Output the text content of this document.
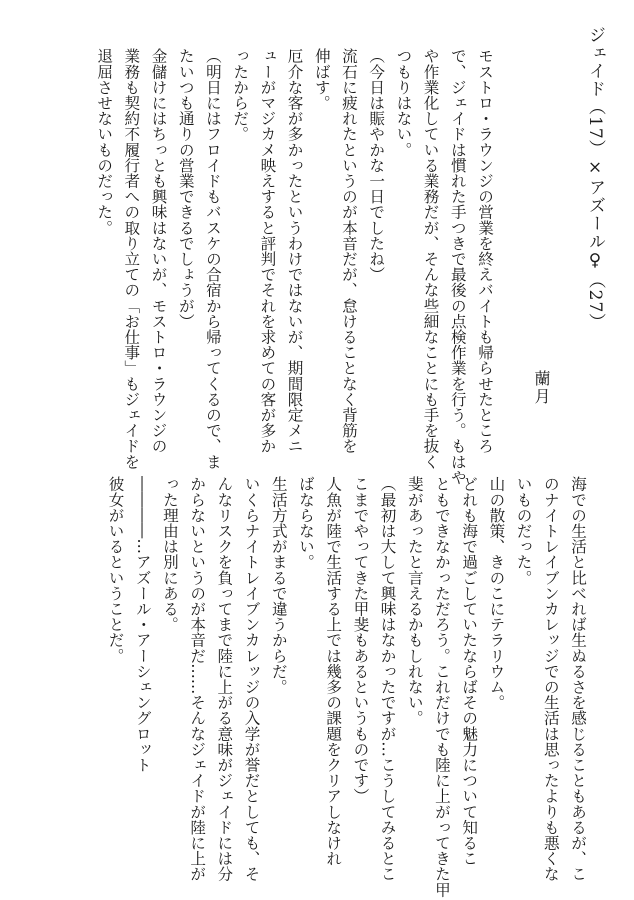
ジェイド（17）×アズール♀（27）
蘭月

モストロ・ラウンジの営業を終えバイトも帰らせたところ

で、ジェイドは慣れた手つきで最後の点検作業を行う。もはや

や作業化している業務だが、そんな些細なことにも手を抜く

つもりはない。

（今日は賑やかな一日でしたね）

流石に疲れたというのが本音だが、怠けることなく背筋を

伸ばす。

厄介な客が多かったというわけではないが、期間限定メニ

ューがマジカメ映えすると評判でそれを求めての客が多か

ったからだ。

（明日にはフロイドもバスケの合宿から帰ってくるので、ま

たいつも通りの営業できるでしょうが）

金儲けにはちっとも興味はないが、モストロ・ラウンジの

業務も契約不履行者への取り立ての「お仕事」もジェイドを

退屈させないものだった。

海での生活と比べれば生ぬるさを感じることもあるが、こ

のナイトレイブンカレッジでの生活は思ったよりも悪くな

いものだった。

山の散策、きのこにテラリウム。

どれも海で過ごしていたならばその魅力について知るこ

ともできなかっただろう。これだけでも陸に上がってきた甲

斐があったと言えるかもしれない。

（最初は大して興味はなかったですが…こうしてみるとこ

こまでやってきた甲斐もあるというものです）

人魚が陸で生活する上では幾多の課題をクリアしなけれ

ばならない。

生活方式がまるで違うからだ。

いくらナイトレイブンカレッジの入学が誉だとしても、そ

んなリスクを負ってまで陸に上がる意味がジェイドには分

からないというのが本音だ……そんなジェイドが陸に上が

った理由は別にある。

――――…アズール・アーシェングロット

彼女がいるということだ。
